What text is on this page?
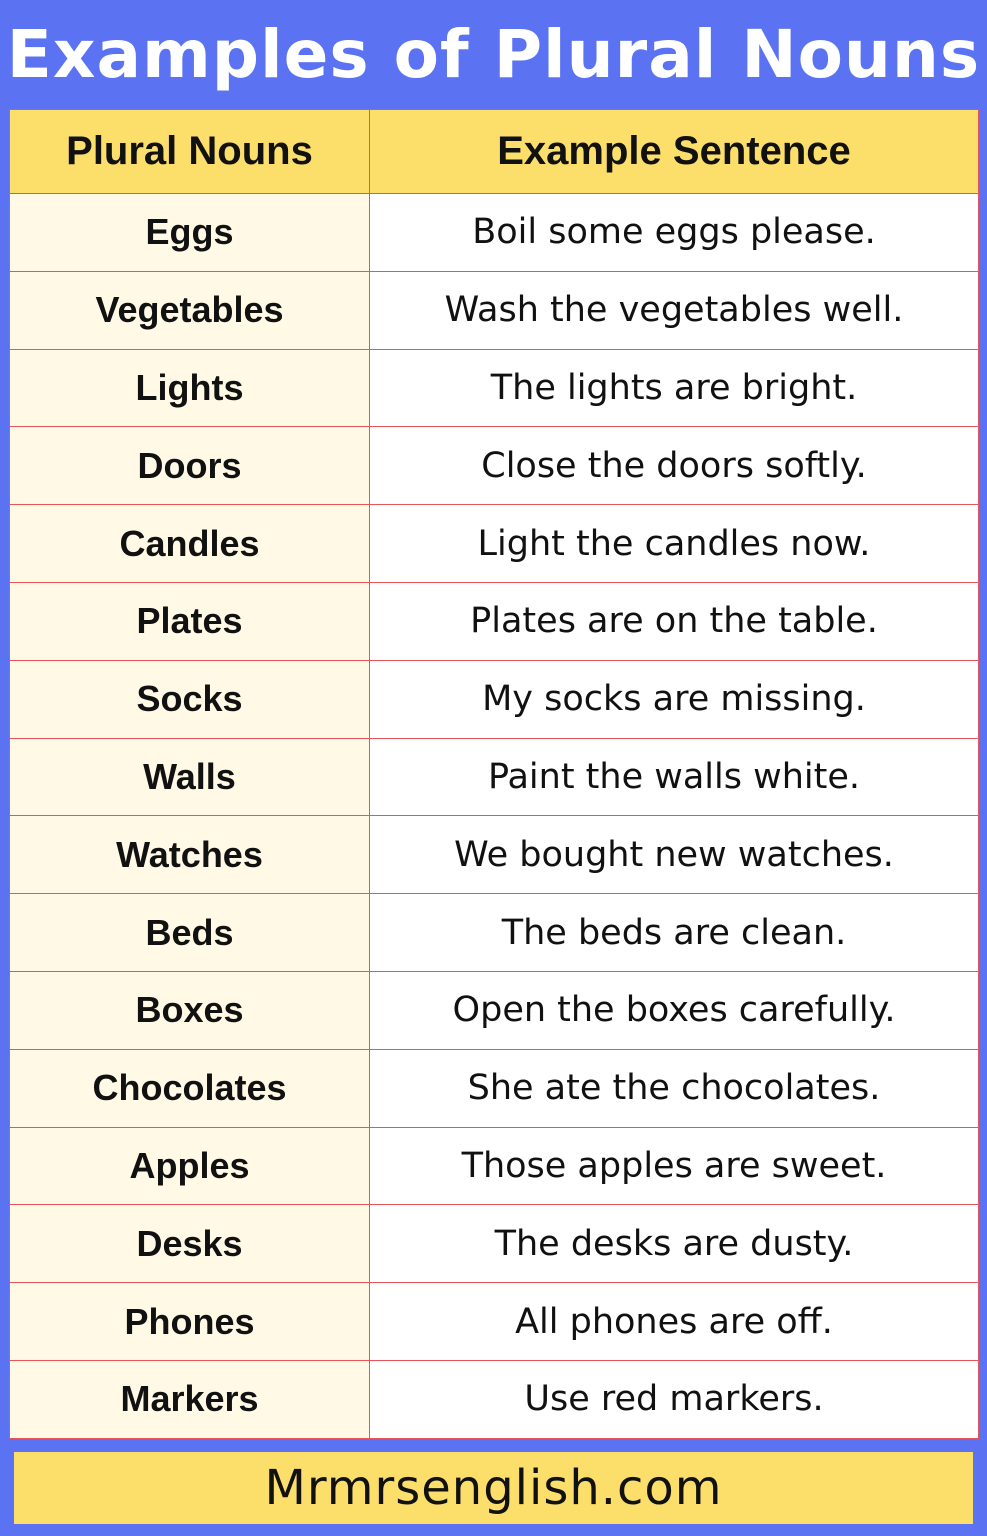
Examples of Plural Nouns
Plural Nouns	Example Sentence
Eggs	Boil some eggs please.
Vegetables	Wash the vegetables well.
Lights	The lights are bright.
Doors	Close the doors softly.
Candles	Light the candles now.
Plates	Plates are on the table.
Socks	My socks are missing.
Walls	Paint the walls white.
Watches	We bought new watches.
Beds	The beds are clean.
Boxes	Open the boxes carefully.
Chocolates	She ate the chocolates.
Apples	Those apples are sweet.
Desks	The desks are dusty.
Phones	All phones are off.
Markers	Use red markers.
Mrmrsenglish.com
